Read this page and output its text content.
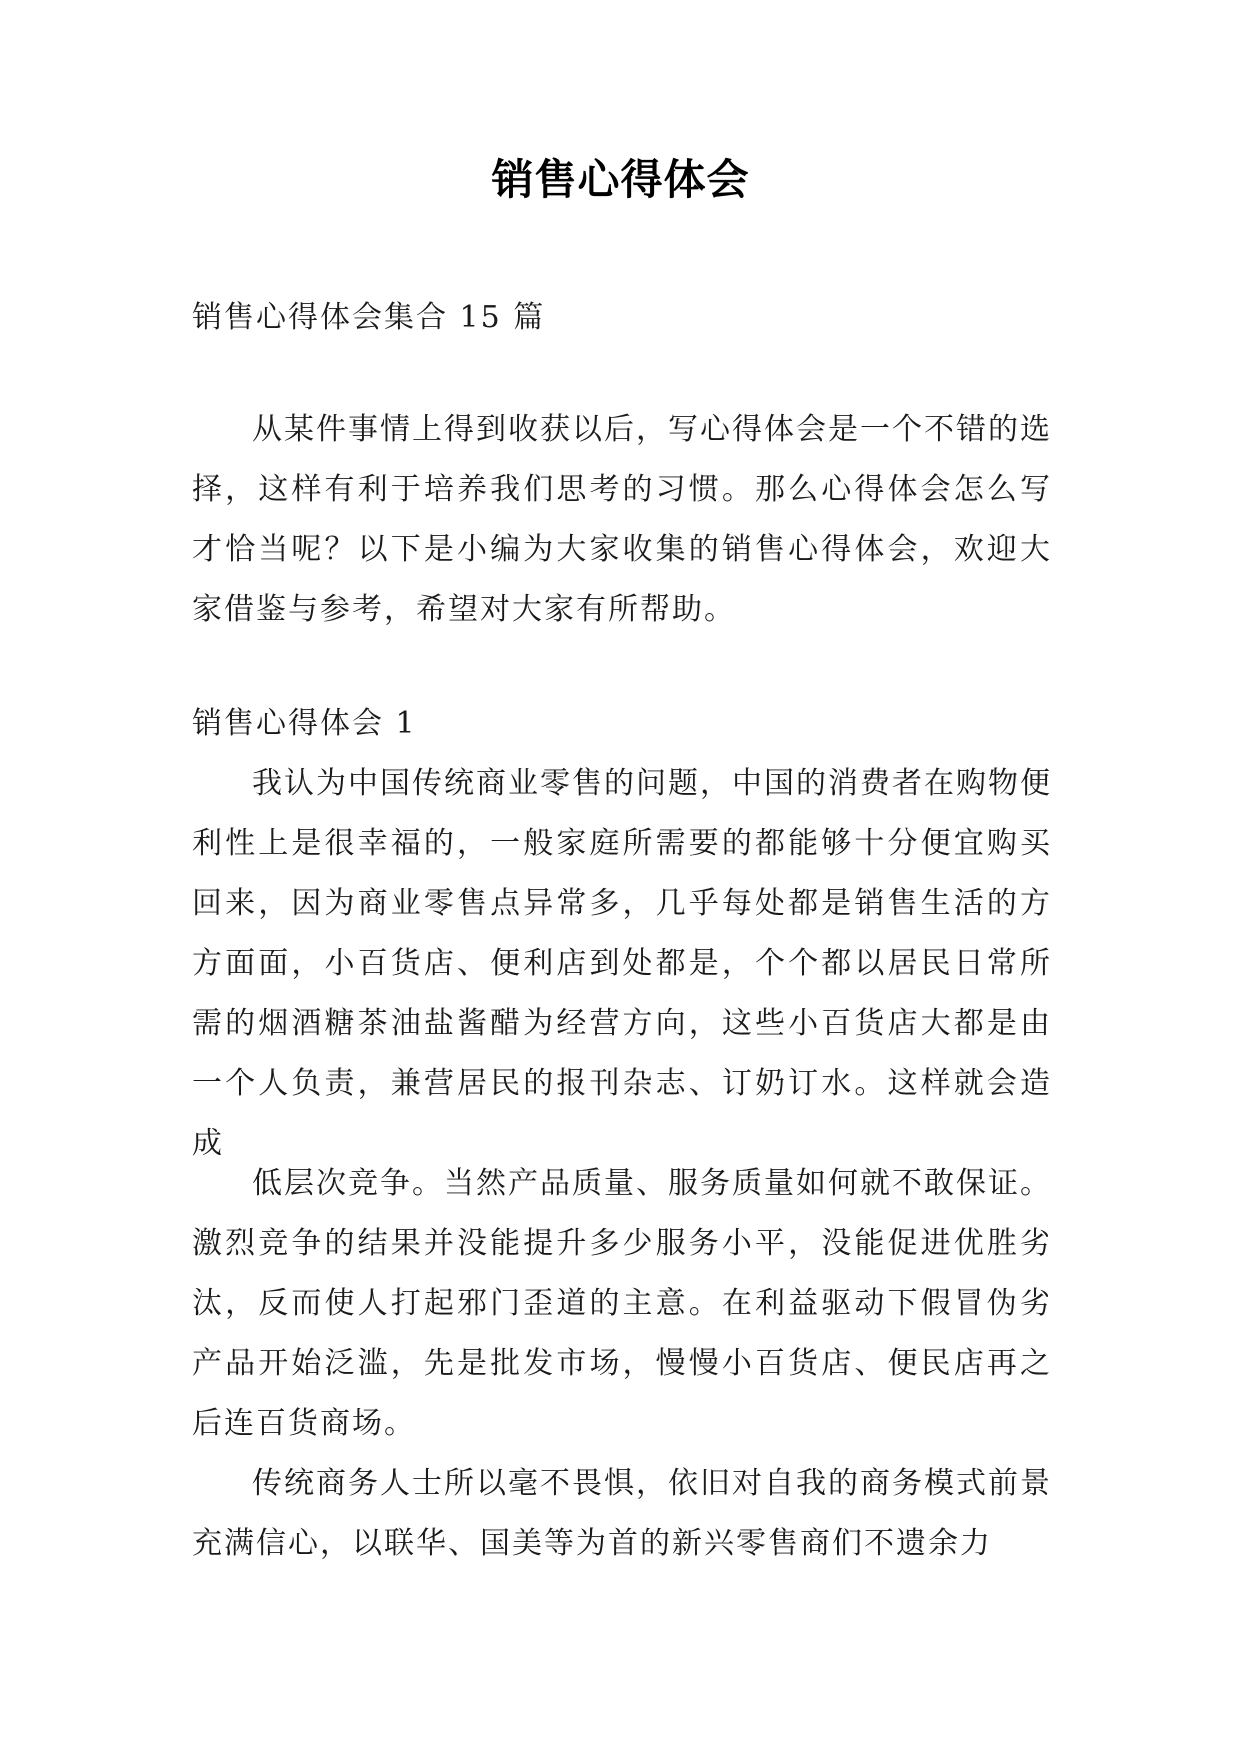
销售心得体会
销售心得体会集合 15 篇
从某件事情上得到收获以后，写心得体会是一个不错的选择，这样有利于培养我们思考的习惯。那么心得体会怎么写才恰当呢？以下是小编为大家收集的销售心得体会，欢迎大家借鉴与参考，希望对大家有所帮助。
销售心得体会 1
我认为中国传统商业零售的问题，中国的消费者在购物便利性上是很幸福的，一般家庭所需要的都能够十分便宜购买回来，因为商业零售点异常多，几乎每处都是销售生活的方方面面，小百货店、便利店到处都是，个个都以居民日常所需的烟酒糖茶油盐酱醋为经营方向，这些小百货店大都是由一个人负责，兼营居民的报刊杂志、订奶订水。这样就会造成
低层次竞争。当然产品质量、服务质量如何就不敢保证。激烈竞争的结果并没能提升多少服务小平，没能促进优胜劣汰，反而使人打起邪门歪道的主意。在利益驱动下假冒伪劣产品开始泛滥，先是批发市场，慢慢小百货店、便民店再之后连百货商场。
传统商务人士所以毫不畏惧，依旧对自我的商务模式前景充满信心，以联华、国美等为首的新兴零售商们不遗余力
